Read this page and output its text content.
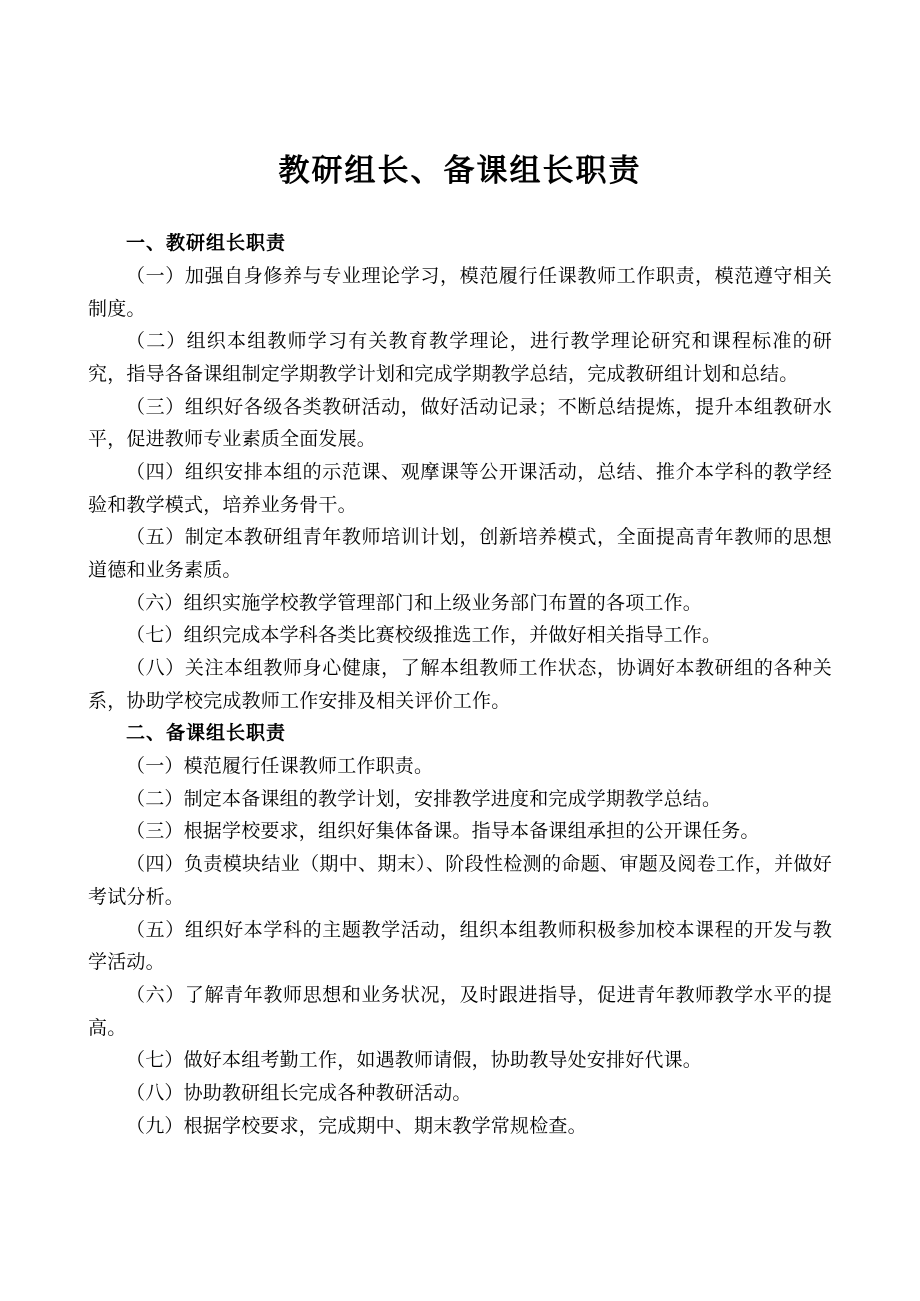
教研组长、备课组长职责

一、教研组长职责

（一）加强自身修养与专业理论学习，模范履行任课教师工作职责，模范遵守相关制度。

（二）组织本组教师学习有关教育教学理论，进行教学理论研究和课程标准的研究，指导各备课组制定学期教学计划和完成学期教学总结，完成教研组计划和总结。

（三）组织好各级各类教研活动，做好活动记录；不断总结提炼，提升本组教研水平，促进教师专业素质全面发展。

（四）组织安排本组的示范课、观摩课等公开课活动，总结、推介本学科的教学经验和教学模式，培养业务骨干。

（五）制定本教研组青年教师培训计划，创新培养模式，全面提高青年教师的思想道德和业务素质。

（六）组织实施学校教学管理部门和上级业务部门布置的各项工作。

（七）组织完成本学科各类比赛校级推选工作，并做好相关指导工作。

（八）关注本组教师身心健康，了解本组教师工作状态，协调好本教研组的各种关系，协助学校完成教师工作安排及相关评价工作。

二、备课组长职责

（一）模范履行任课教师工作职责。

（二）制定本备课组的教学计划，安排教学进度和完成学期教学总结。

（三）根据学校要求，组织好集体备课。指导本备课组承担的公开课任务。

（四）负责模块结业（期中、期末）、阶段性检测的命题、审题及阅卷工作，并做好考试分析。

（五）组织好本学科的主题教学活动，组织本组教师积极参加校本课程的开发与教学活动。

（六）了解青年教师思想和业务状况，及时跟进指导，促进青年教师教学水平的提高。

（七）做好本组考勤工作，如遇教师请假，协助教导处安排好代课。

（八）协助教研组长完成各种教研活动。

（九）根据学校要求，完成期中、期末教学常规检查。
